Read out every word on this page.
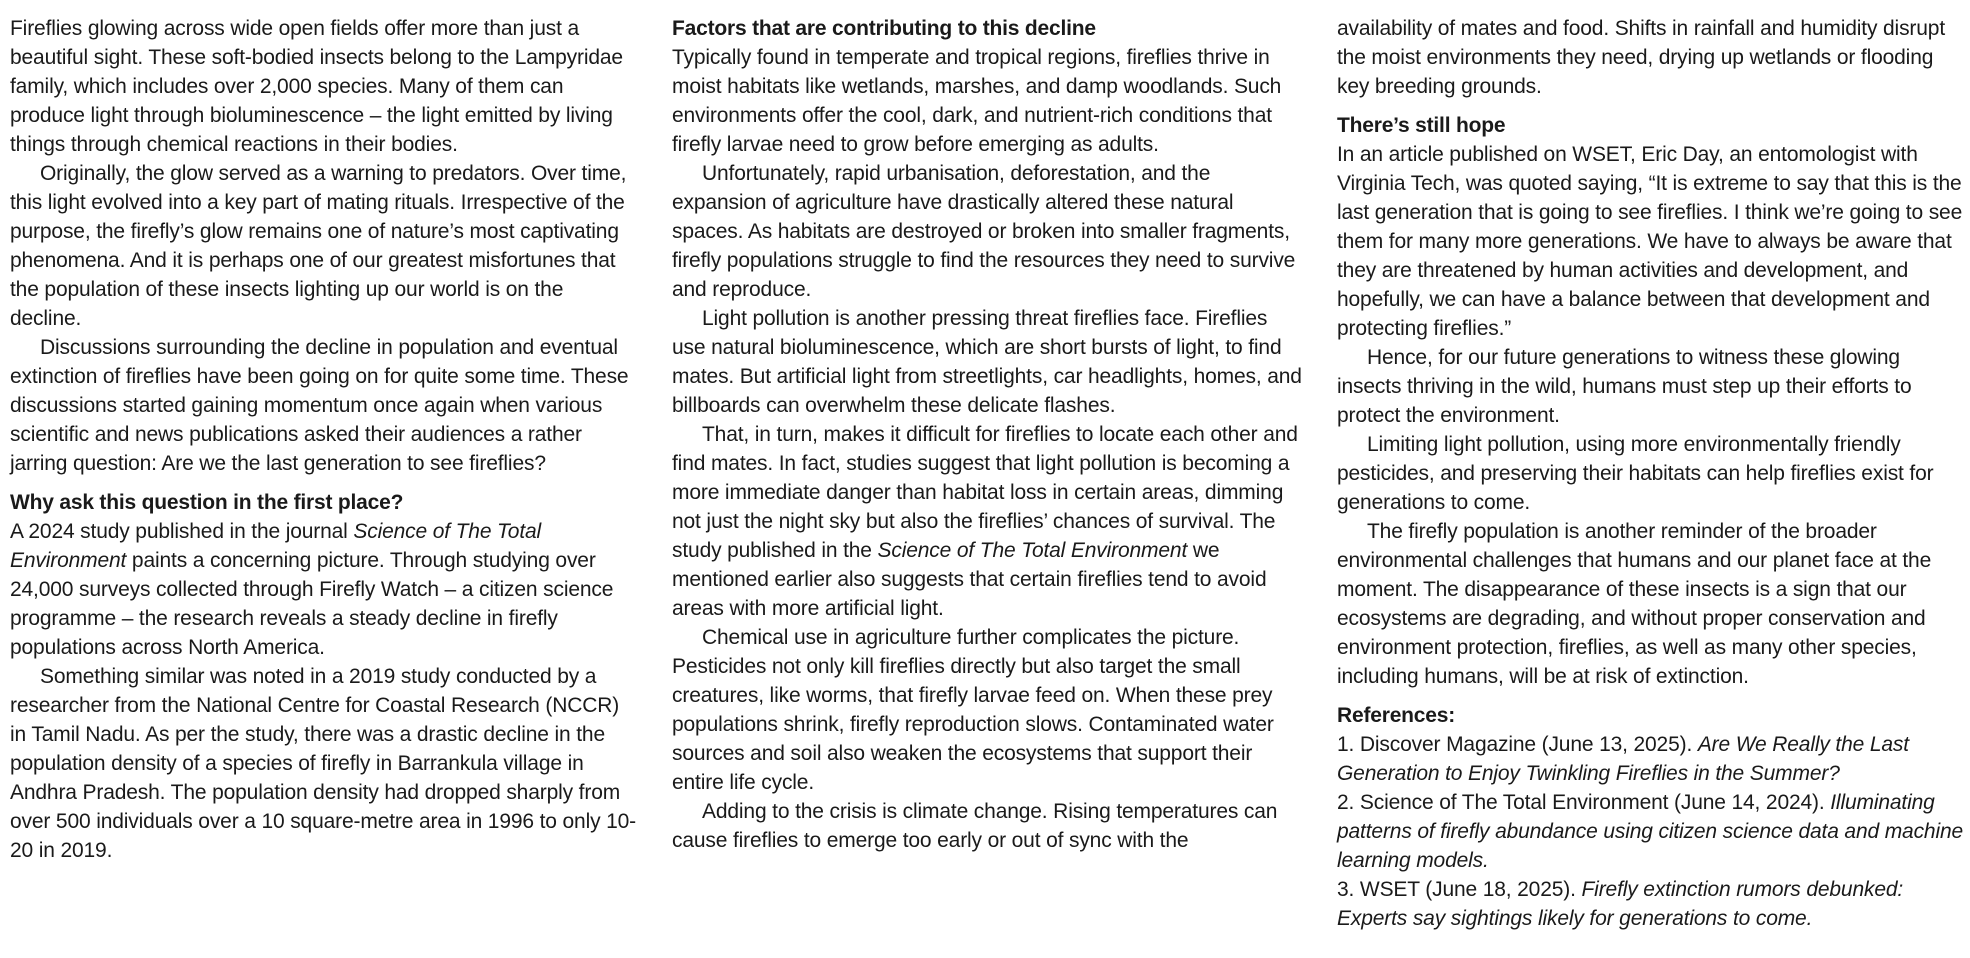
Fireflies glowing across wide open fields offer more than just a beautiful sight. These soft-bodied insects belong to the Lampyridae family, which includes over 2,000 species. Many of them can produce light through bioluminescence – the light emitted by living things through chemical reactions in their bodies.

Originally, the glow served as a warning to predators. Over time, this light evolved into a key part of mating rituals. Irrespective of the purpose, the firefly’s glow remains one of nature’s most captivating phenomena. And it is perhaps one of our greatest misfortunes that the population of these insects lighting up our world is on the decline.

Discussions surrounding the decline in population and eventual extinction of fireflies have been going on for quite some time. These discussions started gaining momentum once again when various scientific and news publications asked their audiences a rather jarring question: Are we the last generation to see fireflies?

Why ask this question in the first place?

A 2024 study published in the journal Science of The Total Environment paints a concerning picture. Through studying over 24,000 surveys collected through Firefly Watch – a citizen science programme – the research reveals a steady decline in firefly populations across North America.

Something similar was noted in a 2019 study conducted by a researcher from the National Centre for Coastal Research (NCCR) in Tamil Nadu. As per the study, there was a drastic decline in the population density of a species of firefly in Barrankula village in Andhra Pradesh. The population density had dropped sharply from over 500 individuals over a 10 square-metre area in 1996 to only 10-20 in 2019.

Factors that are contributing to this decline

Typically found in temperate and tropical regions, fireflies thrive in moist habitats like wetlands, marshes, and damp woodlands. Such environments offer the cool, dark, and nutrient-rich conditions that firefly larvae need to grow before emerging as adults.

Unfortunately, rapid urbanisation, deforestation, and the expansion of agriculture have drastically altered these natural spaces. As habitats are destroyed or broken into smaller fragments, firefly populations struggle to find the resources they need to survive and reproduce.

Light pollution is another pressing threat fireflies face. Fireflies use natural bioluminescence, which are short bursts of light, to find mates. But artificial light from streetlights, car headlights, homes, and billboards can overwhelm these delicate flashes.

That, in turn, makes it difficult for fireflies to locate each other and find mates. In fact, studies suggest that light pollution is becoming a more immediate danger than habitat loss in certain areas, dimming not just the night sky but also the fireflies’ chances of survival. The study published in the Science of The Total Environment we mentioned earlier also suggests that certain fireflies tend to avoid areas with more artificial light.

Chemical use in agriculture further complicates the picture. Pesticides not only kill fireflies directly but also target the small creatures, like worms, that firefly larvae feed on. When these prey populations shrink, firefly reproduction slows. Contaminated water sources and soil also weaken the ecosystems that support their entire life cycle.

Adding to the crisis is climate change. Rising temperatures can cause fireflies to emerge too early or out of sync with the

availability of mates and food. Shifts in rainfall and humidity disrupt the moist environments they need, drying up wetlands or flooding key breeding grounds.

There’s still hope

In an article published on WSET, Eric Day, an entomologist with Virginia Tech, was quoted saying, “It is extreme to say that this is the last generation that is going to see fireflies. I think we’re going to see them for many more generations. We have to always be aware that they are threatened by human activities and development, and hopefully, we can have a balance between that development and protecting fireflies.”

Hence, for our future generations to witness these glowing insects thriving in the wild, humans must step up their efforts to protect the environment.

Limiting light pollution, using more environmentally friendly pesticides, and preserving their habitats can help fireflies exist for generations to come.

The firefly population is another reminder of the broader environmental challenges that humans and our planet face at the moment. The disappearance of these insects is a sign that our ecosystems are degrading, and without proper conservation and environment protection, fireflies, as well as many other species, including humans, will be at risk of extinction.

References:

1. Discover Magazine (June 13, 2025). Are We Really the Last Generation to Enjoy Twinkling Fireflies in the Summer?

2. Science of The Total Environment (June 14, 2024). Illuminating patterns of firefly abundance using citizen science data and machine learning models.

3. WSET (June 18, 2025). Firefly extinction rumors debunked: Experts say sightings likely for generations to come.
